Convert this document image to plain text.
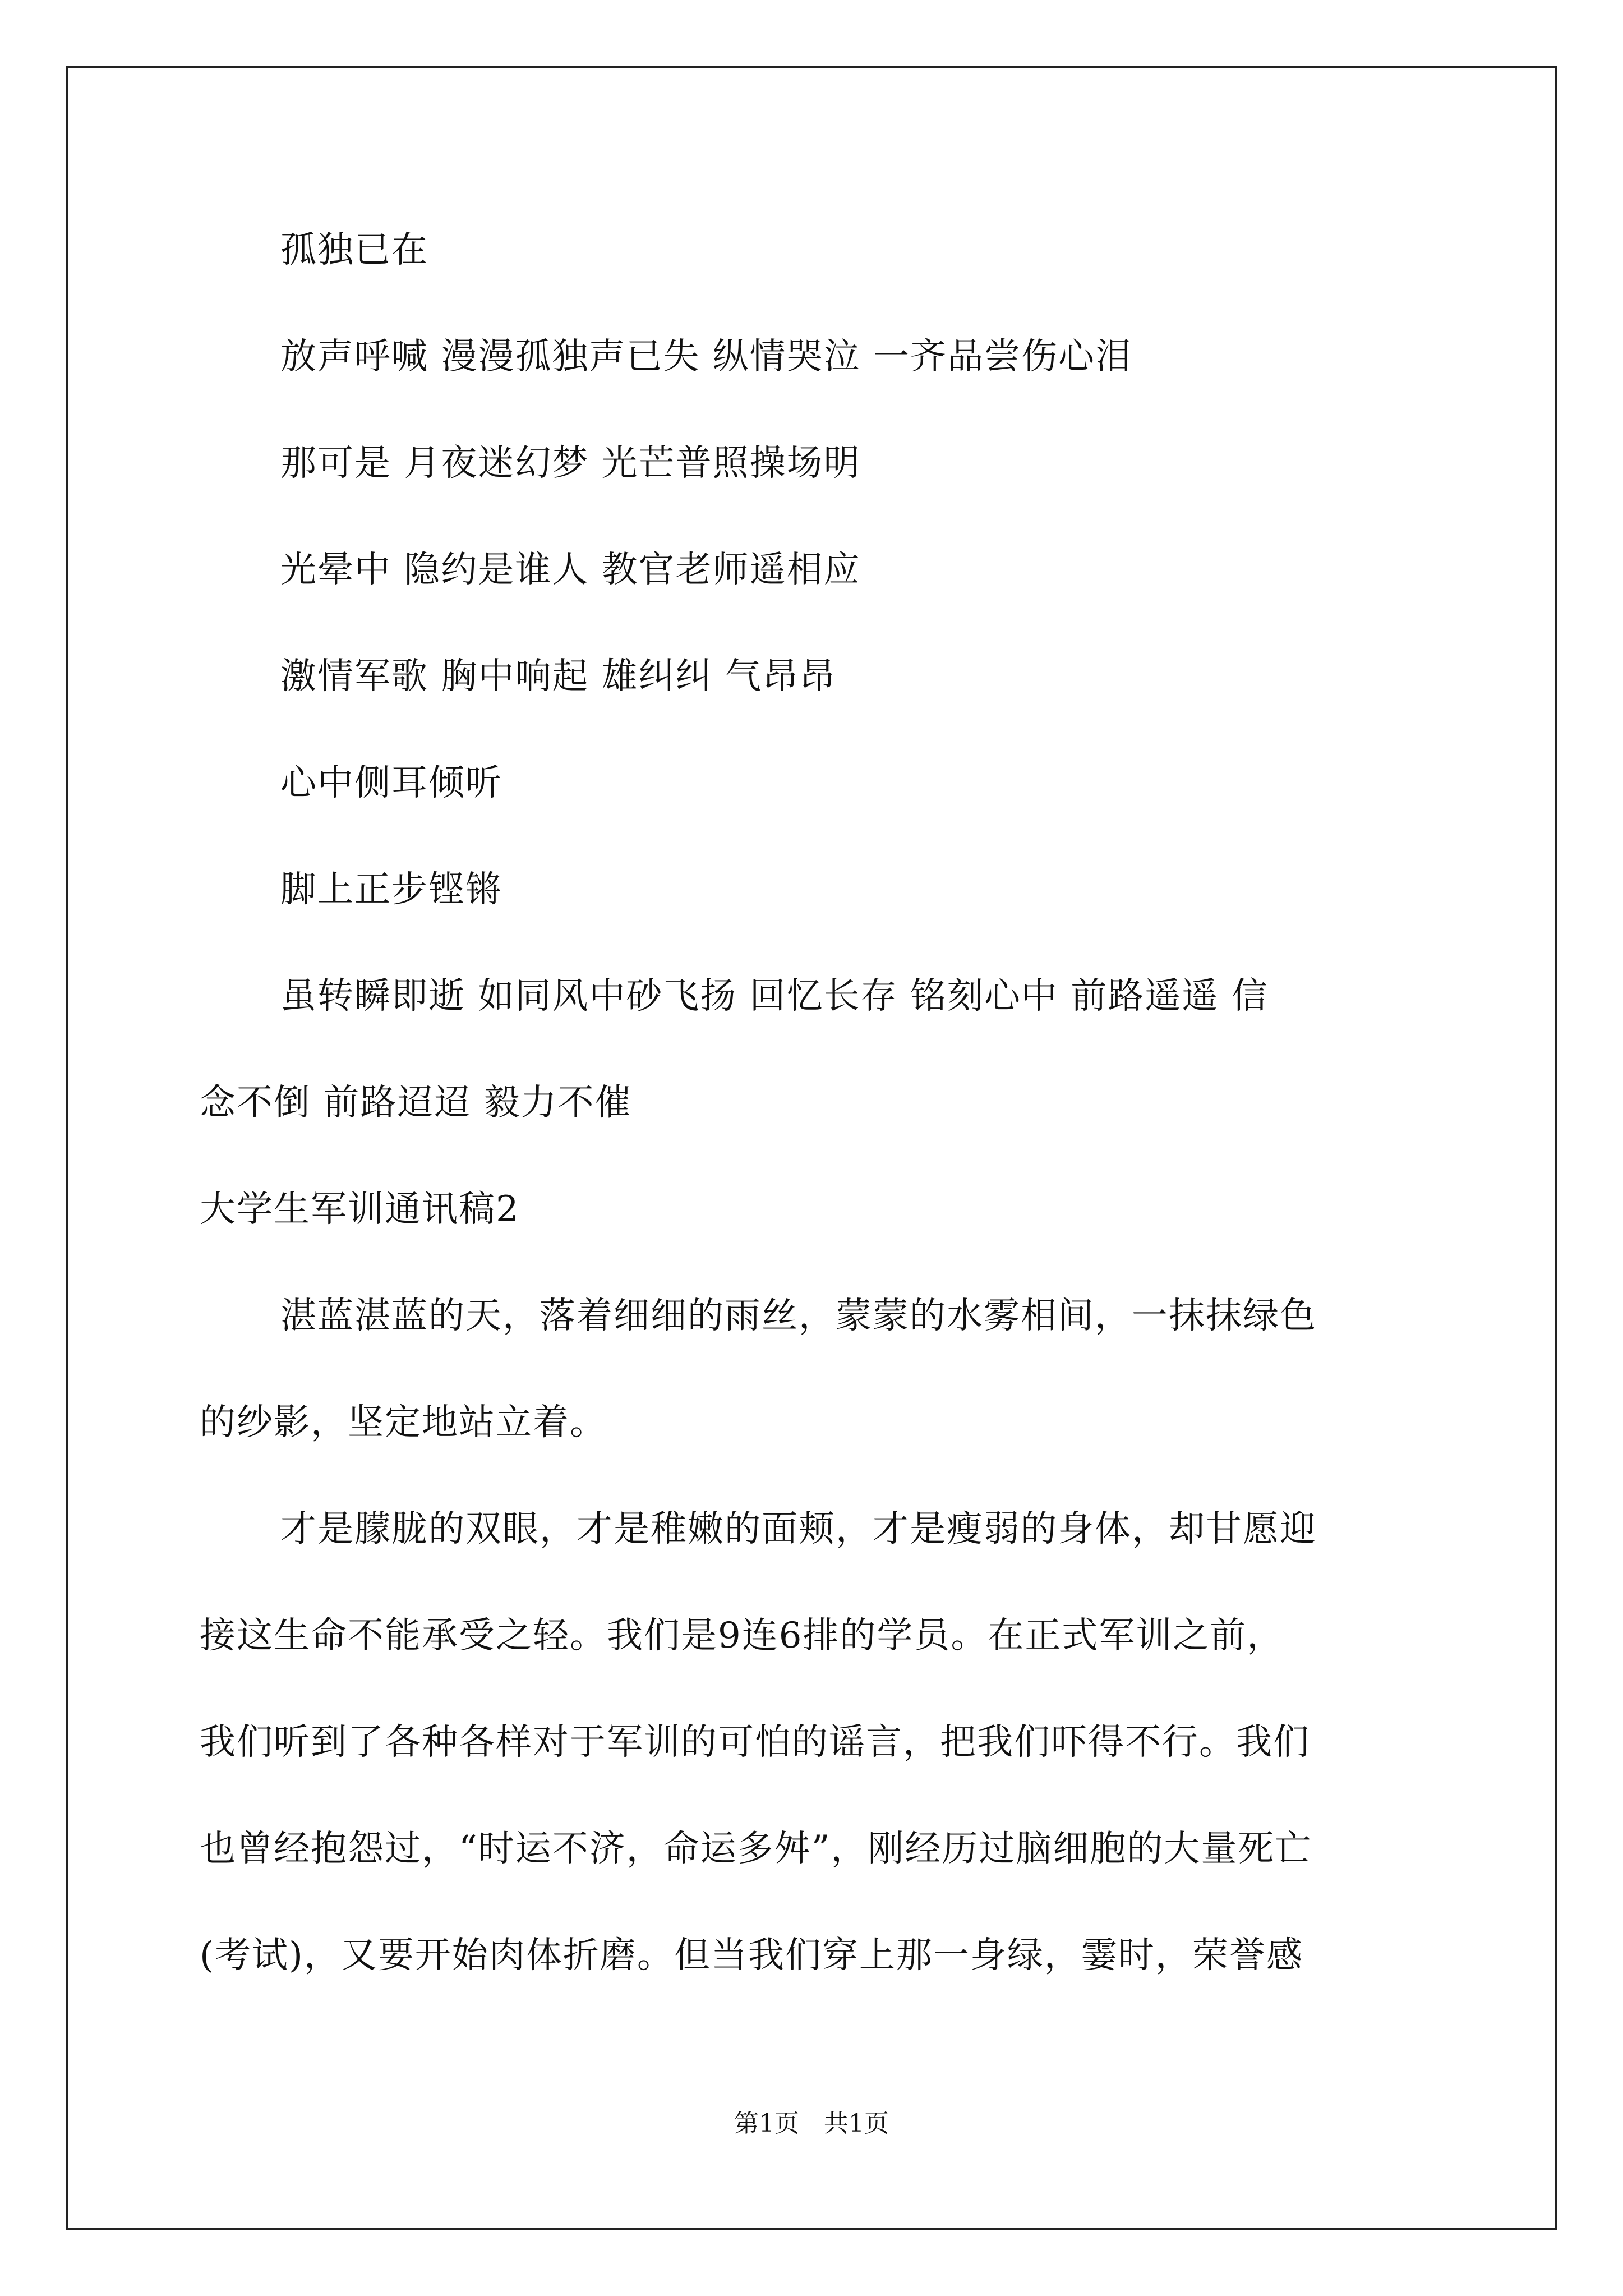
孤独已在
放声呼喊 漫漫孤独声已失 纵情哭泣 一齐品尝伤心泪
那可是 月夜迷幻梦 光芒普照操场明
光晕中 隐约是谁人 教官老师遥相应
激情军歌 胸中响起 雄纠纠 气昂昂
心中侧耳倾听
脚上正步铿锵
虽转瞬即逝 如同风中砂飞扬 回忆长存 铭刻心中 前路遥遥 信
念不倒 前路迢迢 毅力不催
大学生军训通讯稿2
湛蓝湛蓝的天，落着细细的雨丝，蒙蒙的水雾相间，一抹抹绿色
的纱影，坚定地站立着。
才是朦胧的双眼，才是稚嫩的面颊，才是瘦弱的身体，却甘愿迎
接这生命不能承受之轻。我们是9连6排的学员。在正式军训之前，
我们听到了各种各样对于军训的可怕的谣言，把我们吓得不行。我们
也曾经抱怨过，“时运不济，命运多舛”，刚经历过脑细胞的大量死亡
(考试)，又要开始肉体折磨。但当我们穿上那一身绿，霎时，荣誉感
第1页　共1页
